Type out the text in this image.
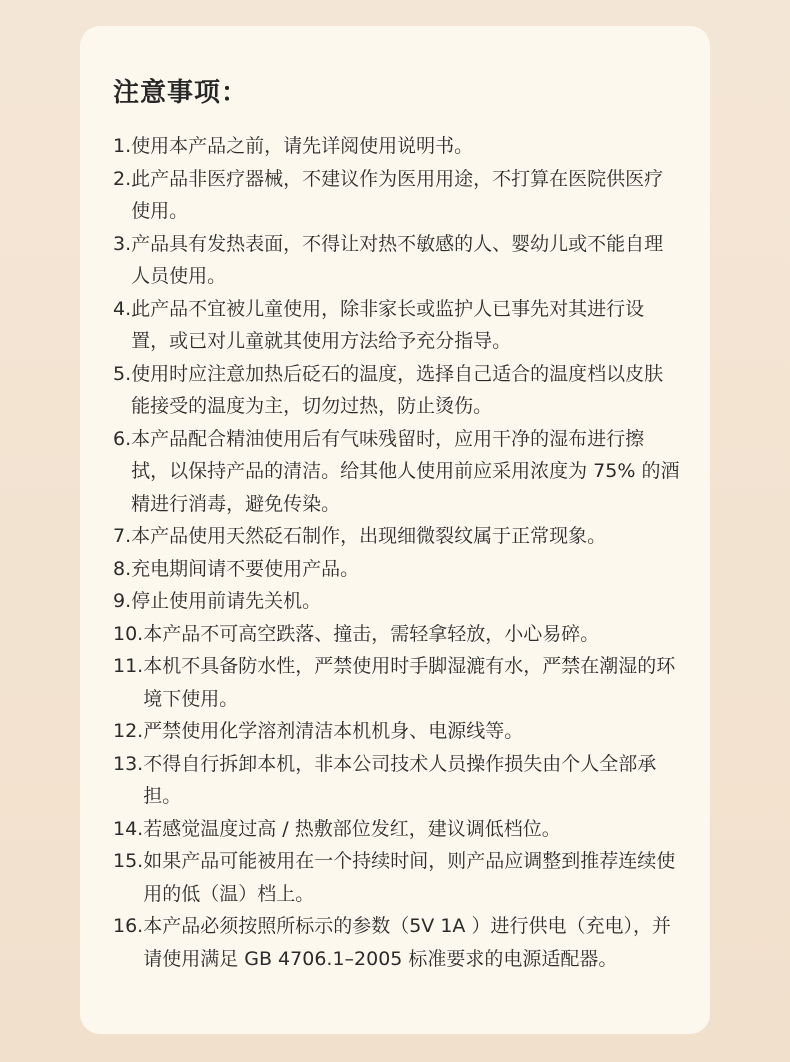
注意事项：
1. 使用本产品之前，请先详阅使用说明书。
2. 此产品非医疗器械，不建议作为医用用途，不打算在医院供医疗使用。
3. 产品具有发热表面，不得让对热不敏感的人、婴幼儿或不能自理人员使用。
4. 此产品不宜被儿童使用，除非家长或监护人已事先对其进行设置，或已对儿童就其使用方法给予充分指导。
5. 使用时应注意加热后砭石的温度，选择自己适合的温度档以皮肤能接受的温度为主，切勿过热，防止烫伤。
6. 本产品配合精油使用后有气味残留时，应用干净的湿布进行擦拭，以保持产品的清洁。给其他人使用前应采用浓度为 75% 的酒精进行消毒，避免传染。
7. 本产品使用天然砭石制作，出现细微裂纹属于正常现象。
8. 充电期间请不要使用产品。
9. 停止使用前请先关机。
10. 本产品不可高空跌落、撞击，需轻拿轻放，小心易碎。
11. 本机不具备防水性，严禁使用时手脚湿漉有水，严禁在潮湿的环境下使用。
12. 严禁使用化学溶剂清洁本机机身、电源线等。
13. 不得自行拆卸本机，非本公司技术人员操作损失由个人全部承担。
14. 若感觉温度过高 / 热敷部位发红，建议调低档位。
15. 如果产品可能被用在一个持续时间，则产品应调整到推荐连续使用的低（温）档上。
16. 本产品必须按照所标示的参数（5V 1A ）进行供电（充电），并请使用满足 GB 4706.1–2005 标准要求的电源适配器。
